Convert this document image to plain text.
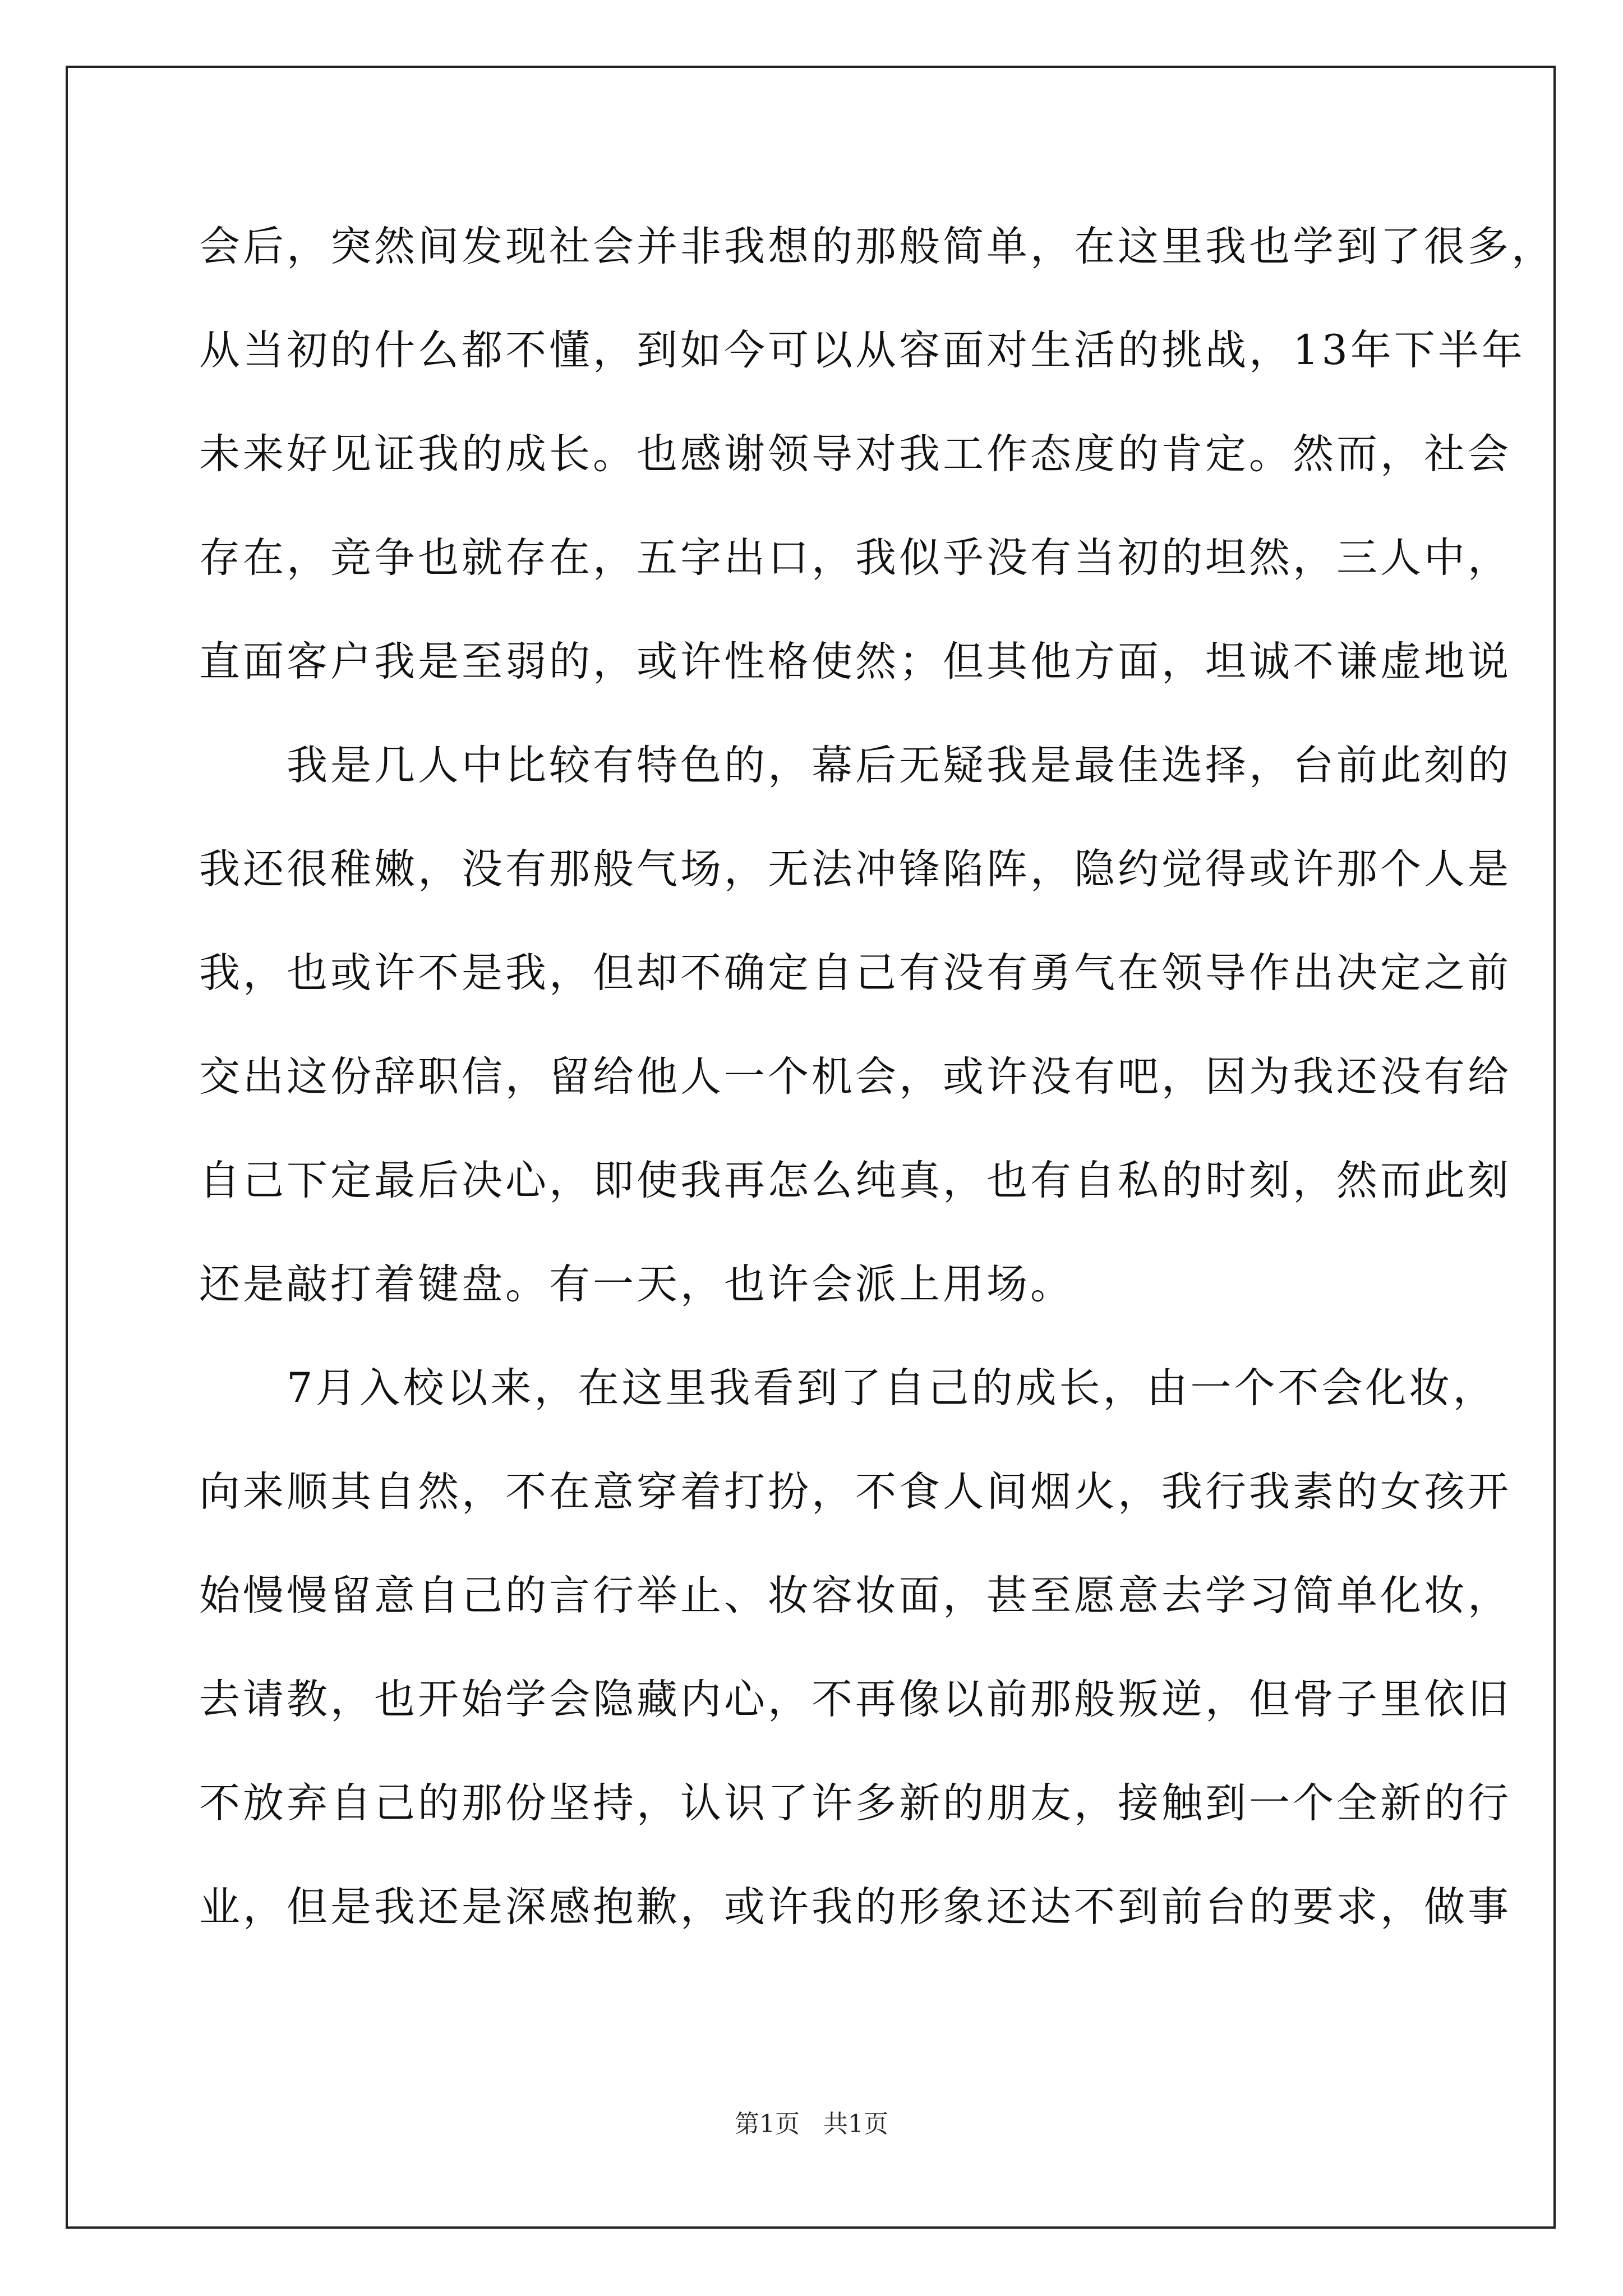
会后，突然间发现社会并非我想的那般简单，在这里我也学到了很多，
从当初的什么都不懂，到如今可以从容面对生活的挑战，13年下半年
未来好见证我的成长。也感谢领导对我工作态度的肯定。然而，社会
存在，竞争也就存在，五字出口，我似乎没有当初的坦然，三人中，
直面客户我是至弱的，或许性格使然；但其他方面，坦诚不谦虚地说
　　我是几人中比较有特色的，幕后无疑我是最佳选择，台前此刻的
我还很稚嫩，没有那般气场，无法冲锋陷阵，隐约觉得或许那个人是
我，也或许不是我，但却不确定自己有没有勇气在领导作出决定之前
交出这份辞职信，留给他人一个机会，或许没有吧，因为我还没有给
自己下定最后决心，即使我再怎么纯真，也有自私的时刻，然而此刻
还是敲打着键盘。有一天，也许会派上用场。
　　7月入校以来，在这里我看到了自己的成长，由一个不会化妆，
向来顺其自然，不在意穿着打扮，不食人间烟火，我行我素的女孩开
始慢慢留意自己的言行举止、妆容妆面，甚至愿意去学习简单化妆，
去请教，也开始学会隐藏内心，不再像以前那般叛逆，但骨子里依旧
不放弃自己的那份坚持，认识了许多新的朋友，接触到一个全新的行
业，但是我还是深感抱歉，或许我的形象还达不到前台的要求，做事
第1页 共1页
